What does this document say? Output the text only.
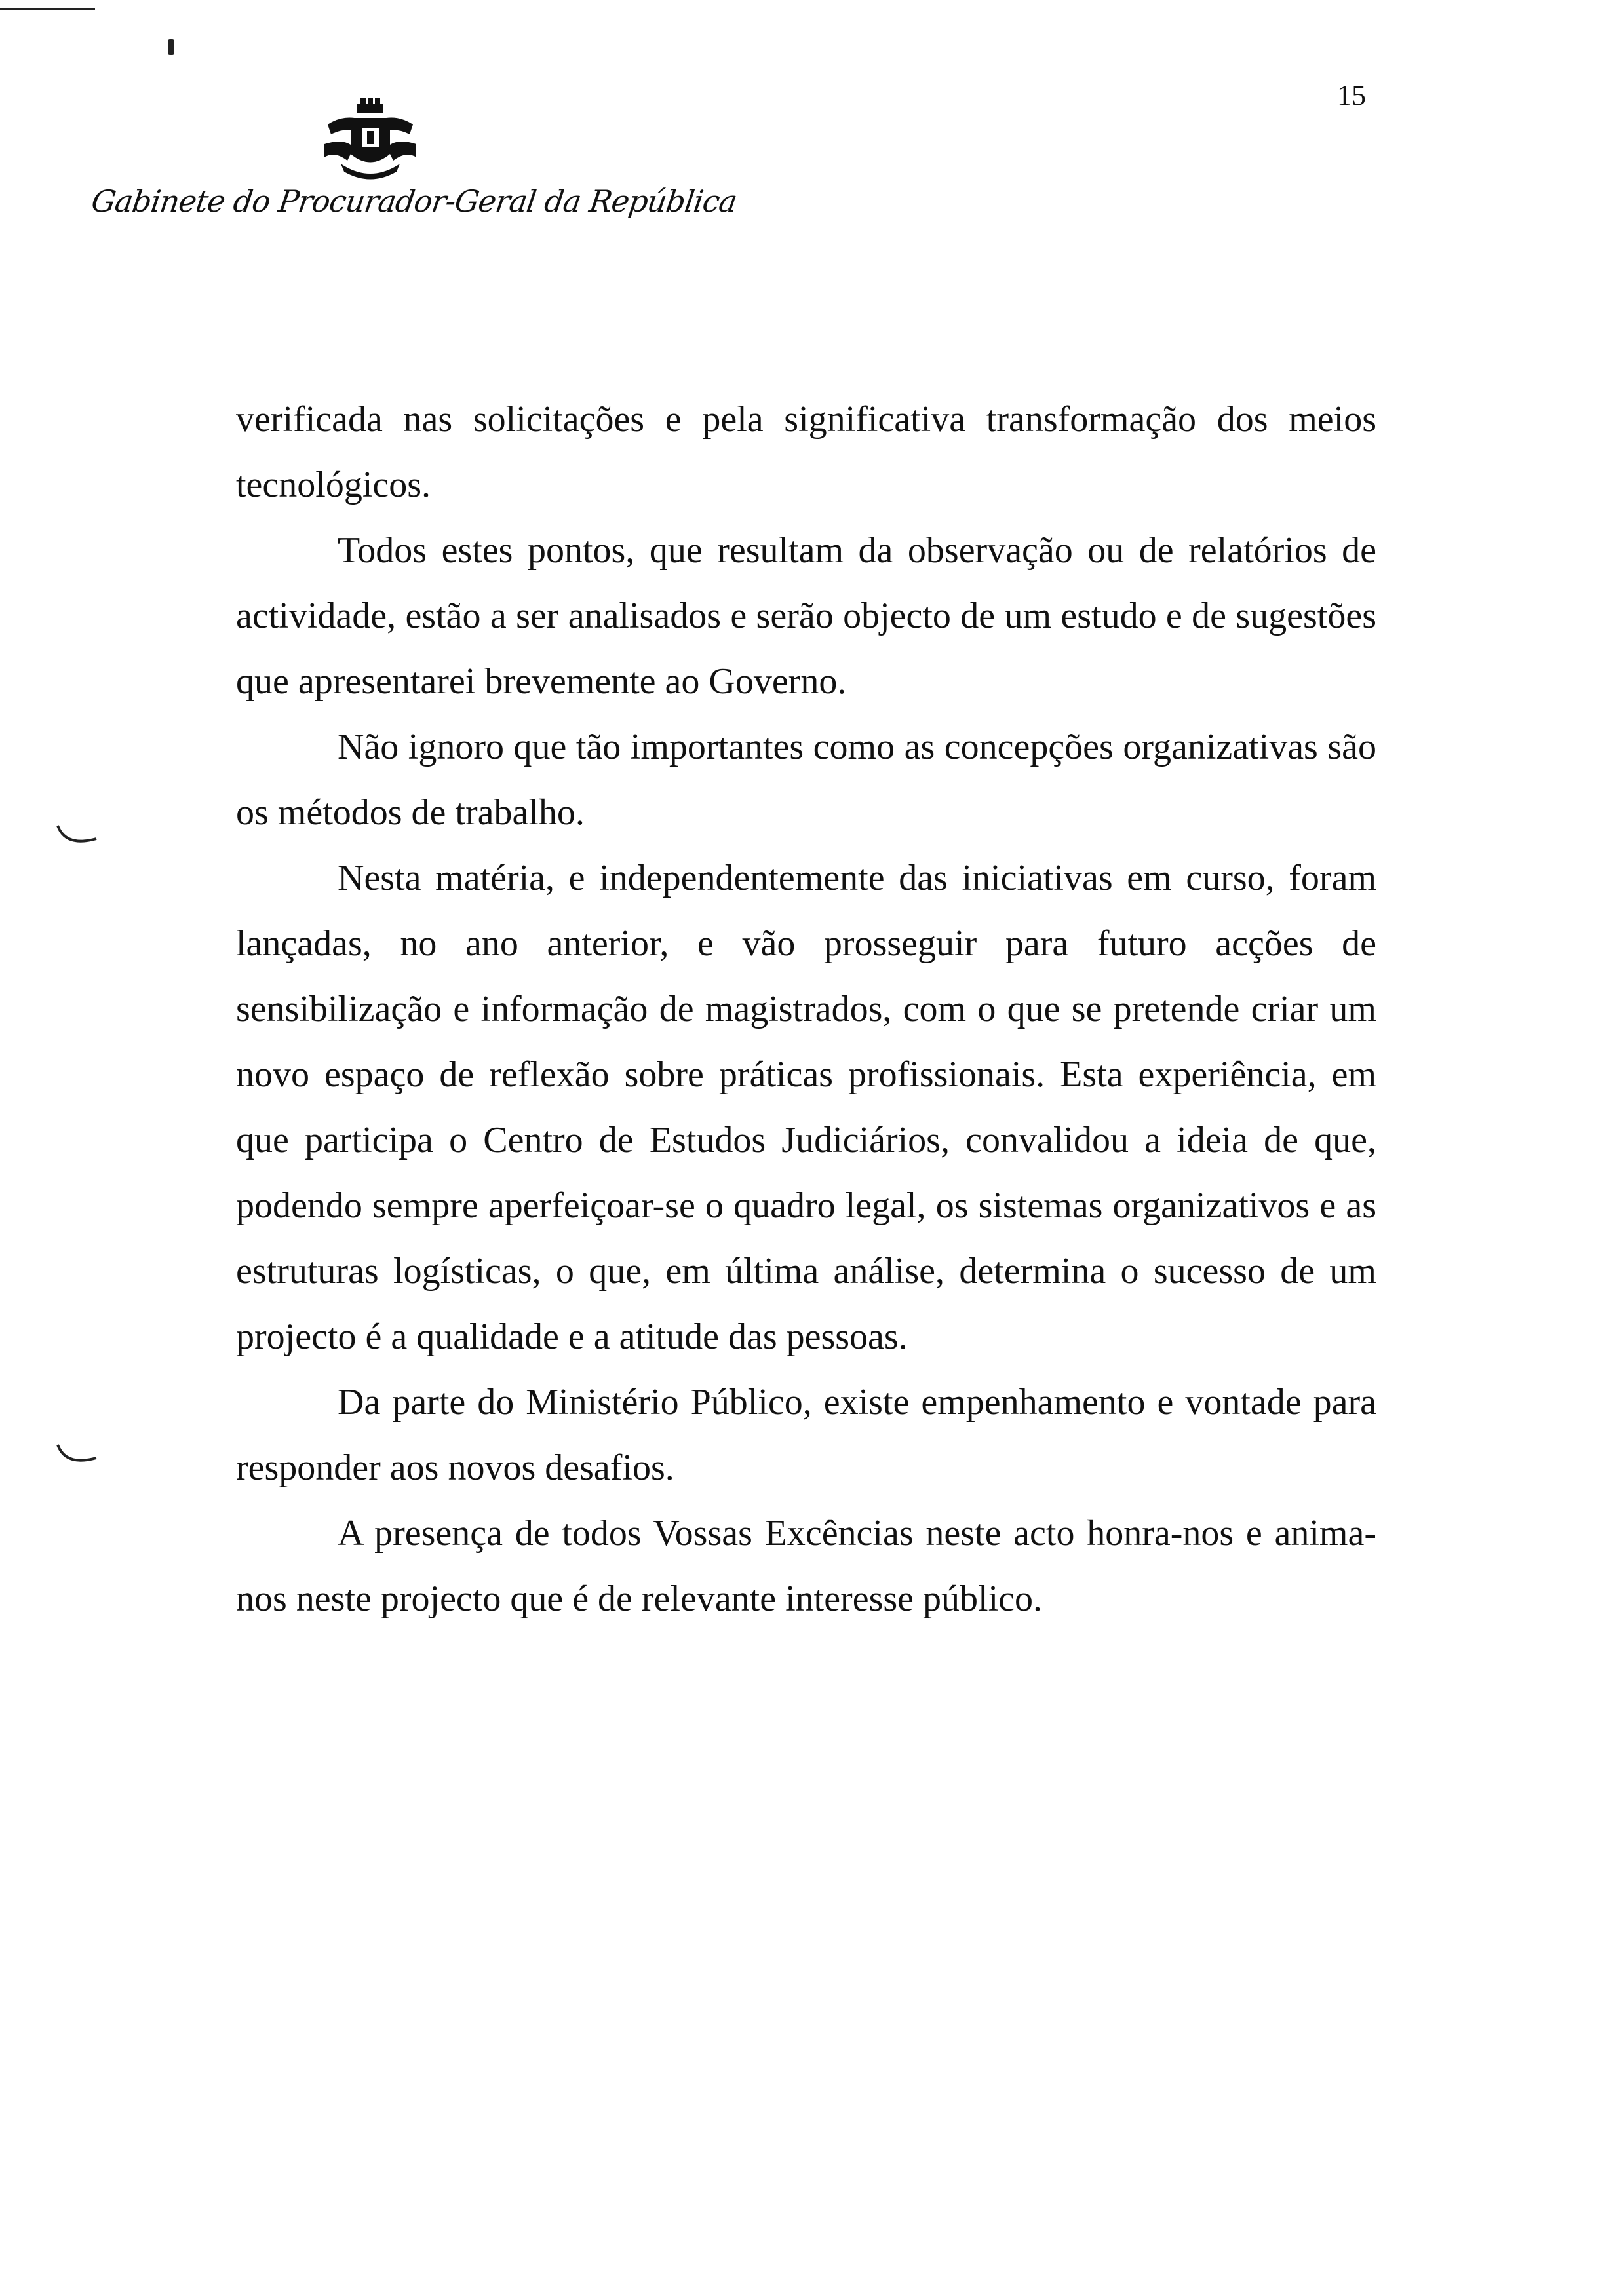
15
Gabinete do Procurador-Geral da República

verificada nas solicitações e pela significativa transformação dos meios tecnológicos.

Todos estes pontos, que resultam da observação ou de relatórios de actividade, estão a ser analisados e serão objecto de um estudo e de sugestões que apresentarei brevemente ao Governo.

Não ignoro que tão importantes como as concepções organizativas são os métodos de trabalho.

Nesta matéria, e independentemente das iniciativas em curso, foram lançadas, no ano anterior, e vão prosseguir para futuro acções de sensibilização e informação de magistrados, com o que se pretende criar um novo espaço de reflexão sobre práticas profissionais. Esta experiência, em que participa o Centro de Estudos Judiciários, convalidou a ideia de que, podendo sempre aperfeiçoar-se o quadro legal, os sistemas organizativos e as estruturas logísticas, o que, em última análise, determina o sucesso de um projecto é a qualidade e a atitude das pessoas.

Da parte do Ministério Público, existe empenhamento e vontade para responder aos novos desafios.

A presença de todos Vossas Excências neste acto honra-nos e anima-nos neste projecto que é de relevante interesse público.
